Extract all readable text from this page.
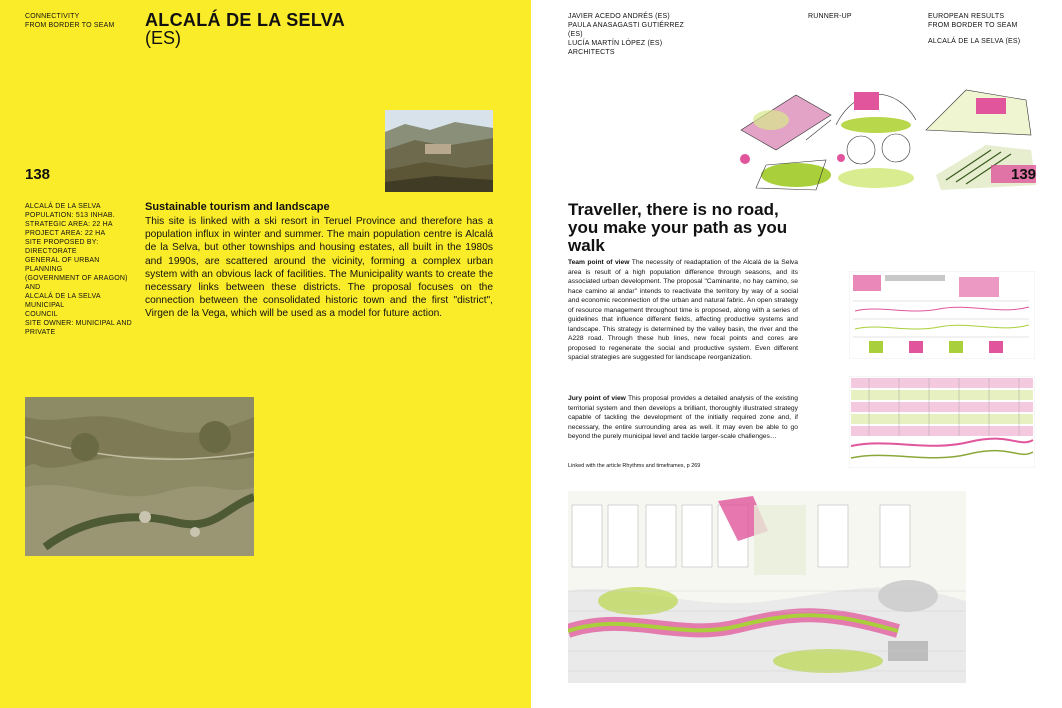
CONNECTIVITY
FROM BORDER TO SEAM ALCALÁ DE LA SELVA
(ES)
138
ALCALÁ DE LA SELVA
POPULATION: 513 INHAB.
STRATEGIC AREA: 22 HA
PROJECT AREA: 22 HA
SITE PROPOSED BY: DIRECTORATE
GENERAL OF URBAN PLANNING
(GOVERNMENT OF ARAGON) AND
ALCALÁ DE LA SELVA MUNICIPAL
COUNCIL
SITE OWNER: MUNICIPAL AND
PRIVATE
Sustainable tourism and landscape
This site is linked with a ski resort in Teruel Province and therefore has a population influx in winter and summer. The main population centre is Alcalá de la Selva, but other townships and housing estates, all built in the 1980s and 1990s, are scattered around the vicinity, forming a complex urban system with an obvious lack of facilities. The Municipality wants to create the necessary links between these districts. The proposal focuses on the connection between the consolidated historic town and the first "district", Virgen de la Vega, which will be used as a model for future action.
JAVIER ACEDO ANDRÉS (ES)
PAULA ANASAGASTI GUTIÉRREZ
(ES)
LUCÍA MARTÍN LÓPEZ (ES)
ARCHITECTS
RUNNER-UP	EUROPEAN RESULTS
FROM BORDER TO SEAM
ALCALÁ DE LA SELVA (ES)
139
Traveller, there is no road, you make your path as you walk
Team point of view The necessity of readaptation of the Alcalá de la Selva area is result of a high population difference through seasons, and its associated urban development. The proposal "Caminante, no hay camino, se hace camino al andar" intends to reactivate the territory by way of a social and economic reconnection of the urban and natural fabric. An open strategy of resource management throughout time is proposed, along with a series of guidelines that influence different fields, affecting productive systems and landscape. This strategy is determined by the valley basin, the river and the A228 road. Through these hub lines, new focal points and cores are proposed to regenerate the social and productive system. Even different spacial strategies are suggested for landscape reorganization.
Jury point of view This proposal provides a detailed analysis of the existing territorial system and then develops a brilliant, thoroughly illustrated strategy capable of tackling the development of the initially required zone and, if necessary, the entire surrounding area as well. It may even be able to go beyond the purely municipal level and tackle larger-scale challenges…
Linked with the article Rhythms and timeframes, p 269
